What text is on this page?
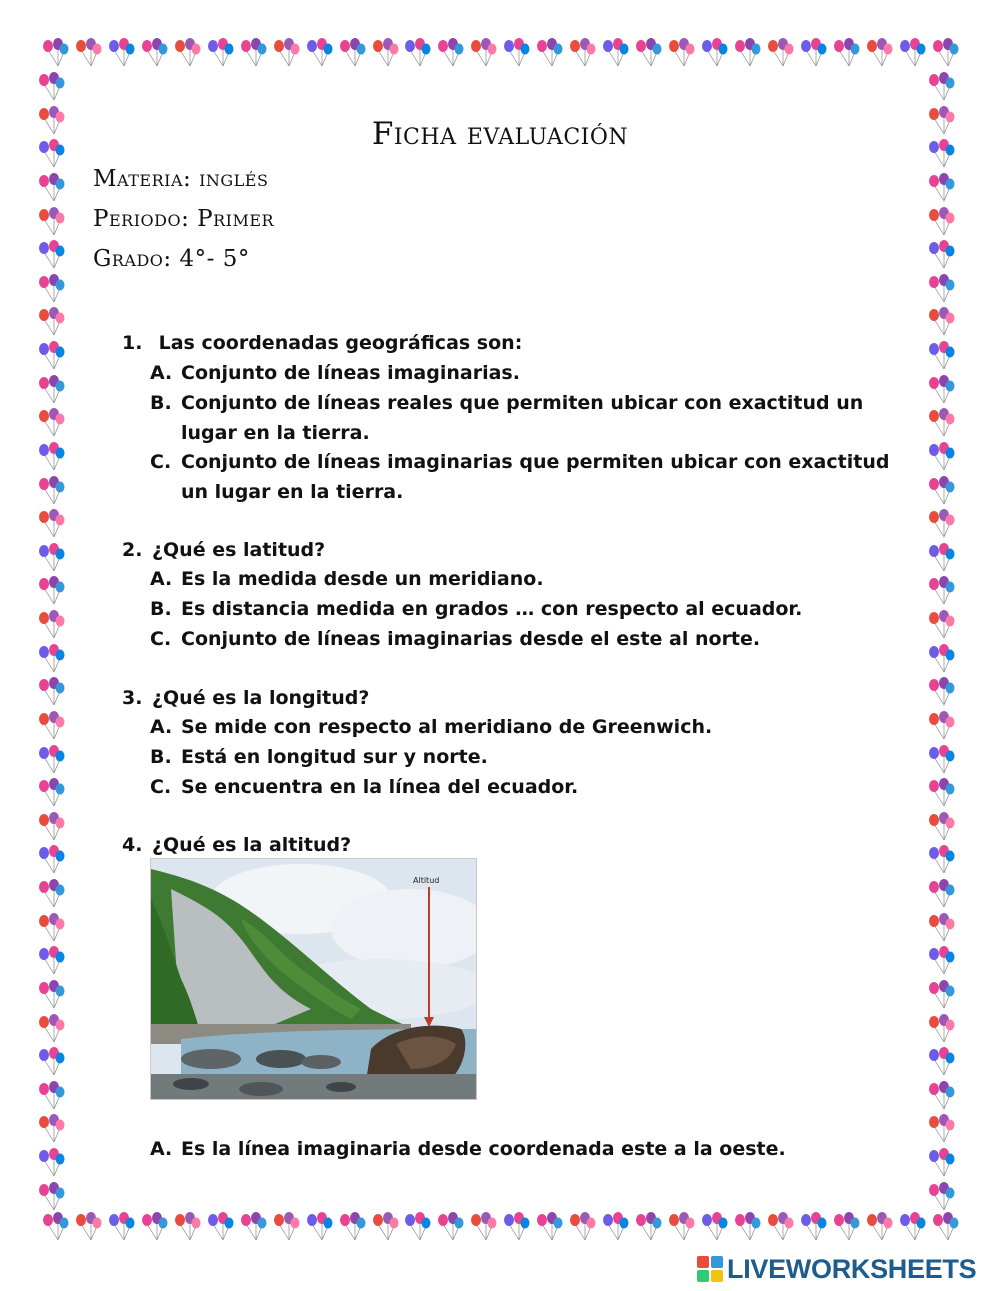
Ficha evaluación
Materia: inglés
Periodo: Primer
Grado: 4°- 5°
1. Las coordenadas geográficas son:
A. Conjunto de líneas imaginarias.
B. Conjunto de líneas reales que permiten ubicar con exactitud un lugar en la tierra.
C. Conjunto de líneas imaginarias que permiten ubicar con exactitud un lugar en la tierra.
2. ¿Qué es latitud?
A. Es la medida desde un meridiano.
B. Es distancia medida en grados … con respecto al ecuador.
C. Conjunto de líneas imaginarias desde el este al norte.
3. ¿Qué es la longitud?
A. Se mide con respecto al meridiano de Greenwich.
B. Está en longitud sur y norte.
C. Se encuentra en la línea del ecuador.
4. ¿Qué es la altitud?
Altitud
A. Es la línea imaginaria desde coordenada este a la oeste.
LIVEWORKSHEETS
